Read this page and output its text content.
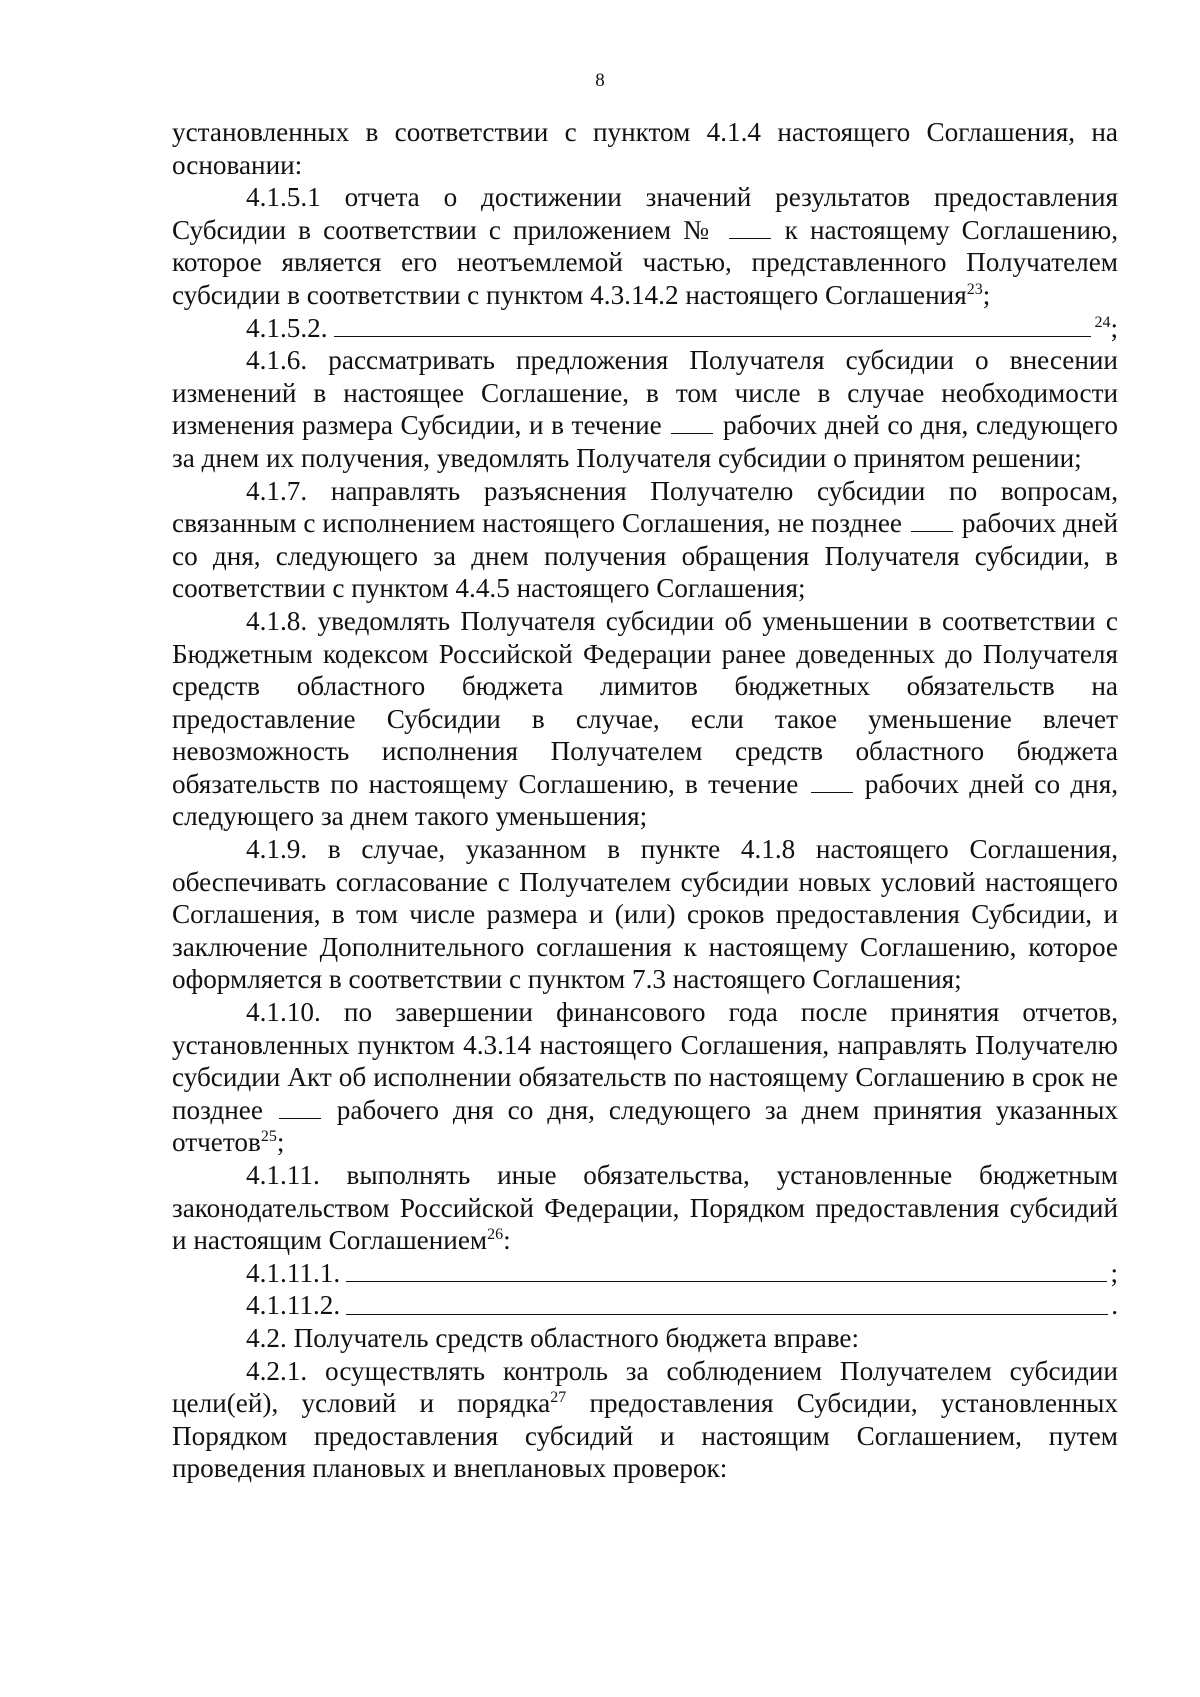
8

установленных в соответствии с пунктом 4.1.4 настоящего Соглашения, на основании:

4.1.5.1 отчета о достижении значений результатов предоставления Субсидии в соответствии с приложением №	к настоящему Соглашению, которое является его неотъемлемой частью, представленного Получателем субсидии в соответствии с пунктом 4.3.14.2 настоящего Соглашения$^{23}$;

4.1.5.2.	$^{24}$;

4.1.6. рассматривать предложения Получателя субсидии о внесении изменений в настоящее Соглашение, в том числе в случае необходимости изменения размера Субсидии, и в течение рабочих дней со дня, следующего за днем их получения, уведомлять Получателя субсидии о принятом решении;

4.1.7. направлять разъяснения Получателю субсидии по вопросам, связанным с исполнением настоящего Соглашения, не позднее рабочих дней со дня, следующего за днем получения обращения Получателя субсидии, в соответствии с пунктом 4.4.5 настоящего Соглашения;

4.1.8. уведомлять Получателя субсидии об уменьшении в соответствии с Бюджетным кодексом Российской Федерации ранее доведенных до Получателя средств областного бюджета лимитов бюджетных обязательств на предоставление Субсидии в случае, если такое уменьшение влечет невозможность исполнения Получателем средств областного бюджета обязательств по настоящему Соглашению, в течение рабочих дней со дня, следующего за днем такого уменьшения;

4.1.9. в случае, указанном в пункте 4.1.8 настоящего Соглашения, обеспечивать согласование с Получателем субсидии новых условий настоящего Соглашения, в том числе размера и (или) сроков предоставления Субсидии, и заключение Дополнительного соглашения к настоящему Соглашению, которое оформляется в соответствии с пунктом 7.3 настоящего Соглашения;

4.1.10. по завершении финансового года после принятия отчетов, установленных пунктом 4.3.14 настоящего Соглашения, направлять Получателю субсидии Акт об исполнении обязательств по настоящему Соглашению в срок не позднее	рабочего дня со дня, следующего за днем принятия указанных отчетов$^{25}$;

4.1.11. выполнять иные обязательства, установленные бюджетным законодательством Российской Федерации, Порядком предоставления субсидий и настоящим Соглашением$^{26}$:

4.1.11.1.	;
4.1.11.2.	.

4.2. Получатель средств областного бюджета вправе:

4.2.1. осуществлять контроль за соблюдением Получателем субсидии цели(ей), условий и порядка$^{27}$ предоставления Субсидии, установленных Порядком предоставления субсидий и настоящим Соглашением, путем проведения плановых и внеплановых проверок:
